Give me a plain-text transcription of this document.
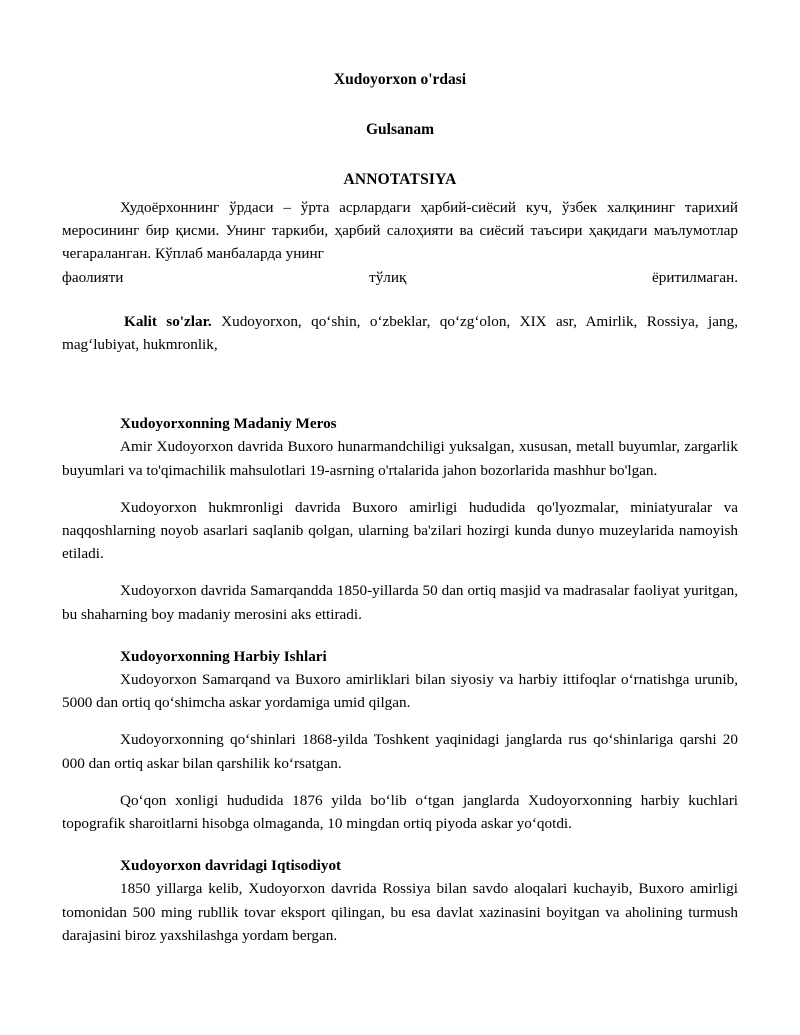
Xudoyorxon o'rdasi
Gulsanam
ANNOTATSIYA

Худоёрхоннинг ўрдаси – ўрта асрлардаги ҳарбий-сиёсий куч, ўзбек халқининг тарихий меросининг бир қисми. Унинг таркиби, ҳарбий салоҳияти ва сиёсий таъсири ҳақидаги маълумотлар чегараланган. Кўплаб манбаларда унинг

фаолияти	тўлиқ	ёритилмаган.

Kalit so'zlar. Xudoyorxon, qoʻshin, oʻzbeklar, qoʻzgʻolon, XIX asr, Amirlik, Rossiya, jang, magʻlubiyat, hukmronlik,

Xudoyorxonning Madaniy Meros

Amir Xudoyorxon davrida Buxoro hunarmandchiligi yuksalgan, xususan, metall buyumlar, zargarlik buyumlari va to'qimachilik mahsulotlari 19-asrning o'rtalarida jahon bozorlarida mashhur bo'lgan.

Xudoyorxon hukmronligi davrida Buxoro amirligi hududida qo'lyozmalar, miniatyuralar va naqqoshlarning noyob asarlari saqlanib qolgan, ularning ba'zilari hozirgi kunda dunyo muzeylarida namoyish etiladi.

Xudoyorxon davrida Samarqandda 1850-yillarda 50 dan ortiq masjid va madrasalar faoliyat yuritgan, bu shaharning boy madaniy merosini aks ettiradi.

Xudoyorxonning Harbiy Ishlari

Xudoyorxon Samarqand va Buxoro amirliklari bilan siyosiy va harbiy ittifoqlar oʻrnatishga urunib, 5000 dan ortiq qoʻshimcha askar yordamiga umid qilgan.

Xudoyorxonning qoʻshinlari 1868-yilda Toshkent yaqinidagi janglarda rus qoʻshinlariga qarshi 20 000 dan ortiq askar bilan qarshilik koʻrsatgan.

Qoʻqon xonligi hududida 1876 yilda boʻlib oʻtgan janglarda Xudoyorxonning harbiy kuchlari topografik sharoitlarni hisobga olmaganda, 10 mingdan ortiq piyoda askar yoʻqotdi.

Xudoyorxon davridagi Iqtisodiyot

1850 yillarga kelib, Xudoyorxon davrida Rossiya bilan savdo aloqalari kuchayib, Buxoro amirligi tomonidan 500 ming rubllik tovar eksport qilingan, bu esa davlat xazinasini boyitgan va aholining turmush darajasini biroz yaxshilashga yordam bergan.
